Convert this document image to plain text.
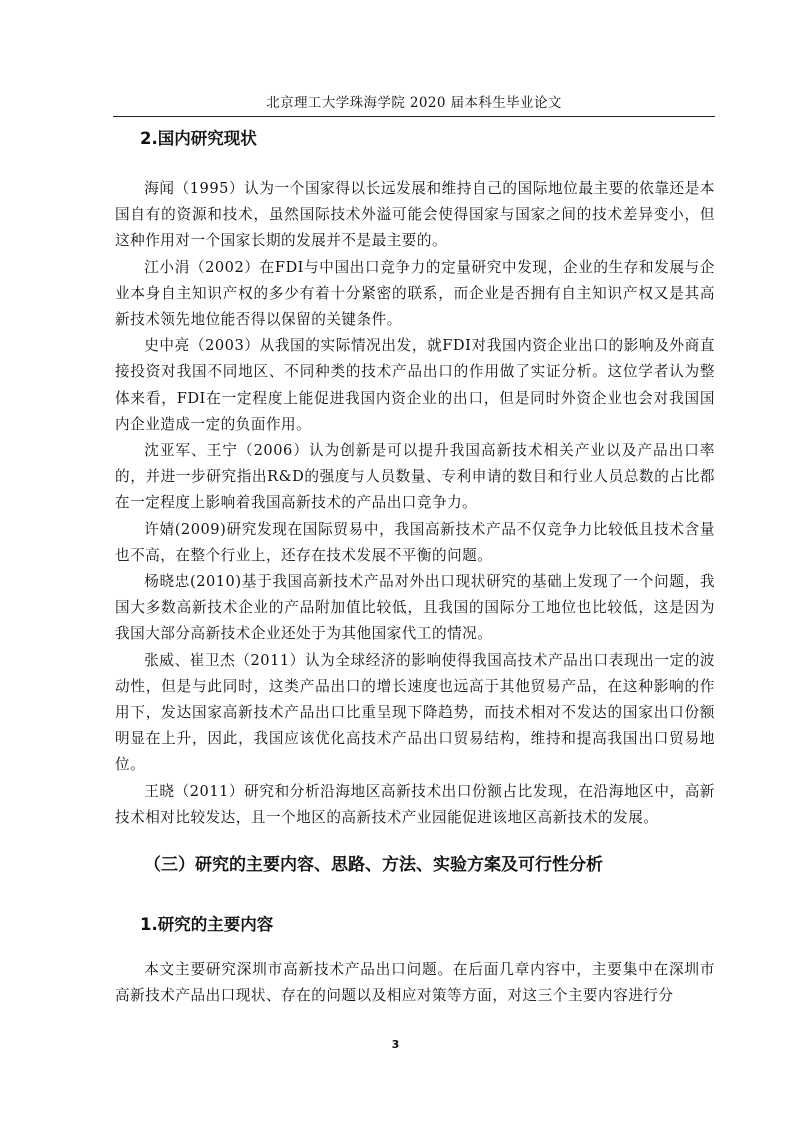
北京理工大学珠海学院 2020 届本科生毕业论文
2.国内研究现状

海闻（1995）认为一个国家得以长远发展和维持自己的国际地位最主要的依靠还是本国自有的资源和技术，虽然国际技术外溢可能会使得国家与国家之间的技术差异变小，但这种作用对一个国家长期的发展并不是最主要的。

江小涓（2002）在FDI与中国出口竞争力的定量研究中发现，企业的生存和发展与企业本身自主知识产权的多少有着十分紧密的联系，而企业是否拥有自主知识产权又是其高新技术领先地位能否得以保留的关键条件。

史中亮（2003）从我国的实际情况出发，就FDI对我国内资企业出口的影响及外商直接投资对我国不同地区、不同种类的技术产品出口的作用做了实证分析。这位学者认为整体来看，FDI在一定程度上能促进我国内资企业的出口，但是同时外资企业也会对我国国内企业造成一定的负面作用。

沈亚军、王宁（2006）认为创新是可以提升我国高新技术相关产业以及产品出口率的，并进一步研究指出R&D的强度与人员数量、专利申请的数目和行业人员总数的占比都在一定程度上影响着我国高新技术的产品出口竞争力。

许婧(2009)研究发现在国际贸易中，我国高新技术产品不仅竞争力比较低且技术含量也不高，在整个行业上，还存在技术发展不平衡的问题。

杨晓忠(2010)基于我国高新技术产品对外出口现状研究的基础上发现了一个问题，我国大多数高新技术企业的产品附加值比较低，且我国的国际分工地位也比较低，这是因为我国大部分高新技术企业还处于为其他国家代工的情况。

张威、崔卫杰（2011）认为全球经济的影响使得我国高技术产品出口表现出一定的波动性，但是与此同时，这类产品出口的增长速度也远高于其他贸易产品，在这种影响的作用下，发达国家高新技术产品出口比重呈现下降趋势，而技术相对不发达的国家出口份额明显在上升，因此，我国应该优化高技术产品出口贸易结构，维持和提高我国出口贸易地位。

王晓（2011）研究和分析沿海地区高新技术出口份额占比发现，在沿海地区中，高新技术相对比较发达，且一个地区的高新技术产业园能促进该地区高新技术的发展。

（三）研究的主要内容、思路、方法、实验方案及可行性分析
1.研究的主要内容

本文主要研究深圳市高新技术产品出口问题。在后面几章内容中，主要集中在深圳市高新技术产品出口现状、存在的问题以及相应对策等方面，对这三个主要内容进行分

3
